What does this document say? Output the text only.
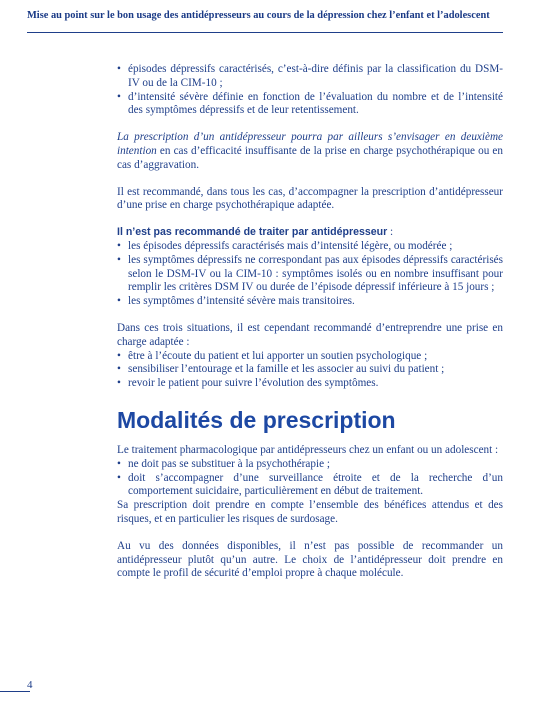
Mise au point sur le bon usage des antidépresseurs au cours de la dépression chez l’enfant et l’adolescent
• épisodes dépressifs caractérisés, c’est-à-dire définis par la classification du DSM-IV ou de la CIM-10 ;
• d’intensité sévère définie en fonction de l’évaluation du nombre et de l’intensité des symptômes dépressifs et de leur retentissement.

La prescription d’un antidépresseur pourra par ailleurs s’envisager en deuxième intention en cas d’efficacité insuffisante de la prise en charge psychothérapique ou en cas d’aggravation.

Il est recommandé, dans tous les cas, d’accompagner la prescription d’antidépresseur d’une prise en charge psychothérapique adaptée.

Il n’est pas recommandé de traiter par antidépresseur :

• les épisodes dépressifs caractérisés mais d’intensité légère, ou modérée ;
• les symptômes dépressifs ne correspondant pas aux épisodes dépressifs caractérisés selon le DSM-IV ou la CIM-10 : symptômes isolés ou en nombre insuffisant pour remplir les critères DSM IV ou durée de l’épisode dépressif inférieure à 15 jours ;
• les symptômes d’intensité sévère mais transitoires.

Dans ces trois situations, il est cependant recommandé d’entreprendre une prise en charge adaptée :

• être à l’écoute du patient et lui apporter un soutien psychologique ;
• sensibiliser l’entourage et la famille et les associer au suivi du patient ;
• revoir le patient pour suivre l’évolution des symptômes.
Modalités de prescription

Le traitement pharmacologique par antidépresseurs chez un enfant ou un adolescent :

• ne doit pas se substituer à la psychothérapie ;
• doit s’accompagner d’une surveillance étroite et de la recherche d’un comportement suicidaire, particulièrement en début de traitement.

Sa prescription doit prendre en compte l’ensemble des bénéfices attendus et des risques, et en particulier les risques de surdosage.

Au vu des données disponibles, il n’est pas possible de recommander un antidépresseur plutôt qu’un autre. Le choix de l’antidépresseur doit prendre en compte le profil de sécurité d’emploi propre à chaque molécule.

4
